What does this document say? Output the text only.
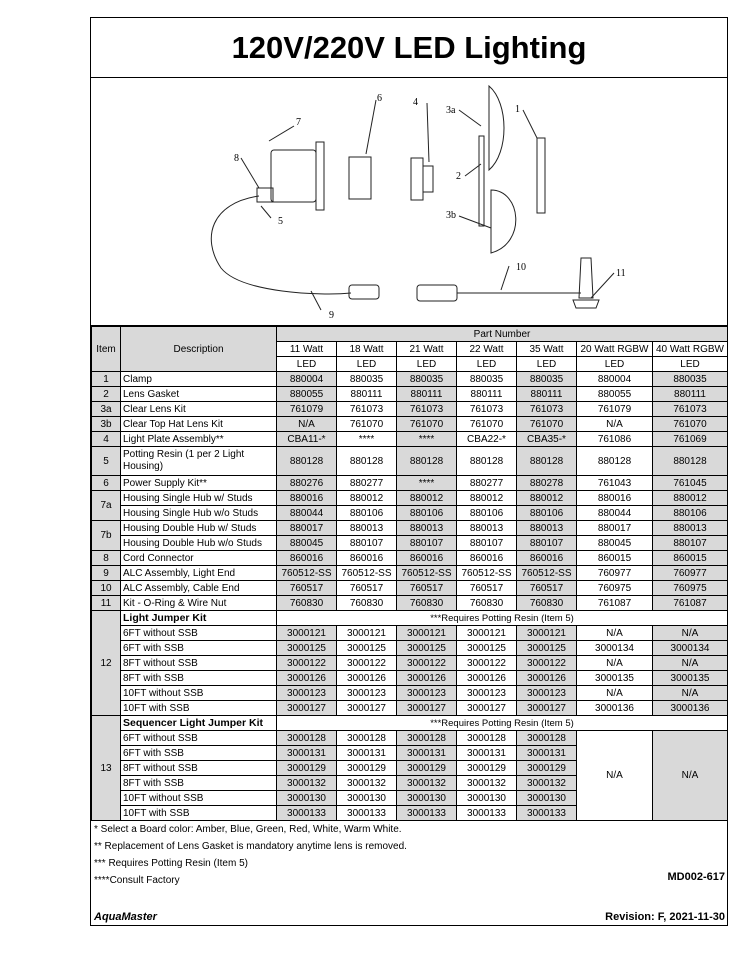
120V/220V LED Lighting
7
8
5
6	4
3a
2
3b
1
10
11
9
Item	Description	Part Number						
		11 Watt	18 Watt	21 Watt	22 Watt	35 Watt	20 Watt RGBW	40 Watt RGBW
		LED	LED	LED	LED	LED	LED	LED
1	Clamp	880004	880035	880035	880035	880035	880004	880035
2	Lens Gasket	880055	880111	880111	880111	880111	880055	880111
3a	Clear Lens Kit	761079	761073	761073	761073	761073	761079	761073
3b	Clear Top Hat Lens Kit	N/A	761070	761070	761070	761070	N/A	761070
4	Light Plate Assembly**	CBA11-*	****	****	CBA22-*	CBA35-*	761086	761069
5	Potting Resin (1 per 2 Light Housing)	880128	880128	880128	880128	880128	880128	880128
6	Power Supply Kit**	880276	880277	****	880277	880278	761043	761045
7a	Housing Single Hub w/ Studs	880016	880012	880012	880012	880012	880016	880012
	Housing Single Hub w/o Studs	880044	880106	880106	880106	880106	880044	880106
7b	Housing Double Hub w/ Studs	880017	880013	880013	880013	880013	880017	880013
	Housing Double Hub w/o Studs	880045	880107	880107	880107	880107	880045	880107
8	Cord Connector	860016	860016	860016	860016	860016	860015	860015
9	ALC Assembly, Light End	760512-SS	760512-SS	760512-SS	760512-SS	760512-SS	760977	760977
10	ALC Assembly, Cable End	760517	760517	760517	760517	760517	760975	760975
11	Kit - O-Ring & Wire Nut	760830	760830	760830	760830	760830	761087	761087
12	Light Jumper Kit	***Requires Potting Resin (Item 5)						
	6FT without SSB	3000121	3000121	3000121	3000121	3000121	N/A	N/A
	6FT with SSB	3000125	3000125	3000125	3000125	3000125	3000134	3000134
	8FT without SSB	3000122	3000122	3000122	3000122	3000122	N/A	N/A
	8FT with SSB	3000126	3000126	3000126	3000126	3000126	3000135	3000135
	10FT without SSB	3000123	3000123	3000123	3000123	3000123	N/A	N/A
	10FT with SSB	3000127	3000127	3000127	3000127	3000127	3000136	3000136
13	Sequencer Light Jumper Kit	***Requires Potting Resin (Item 5)						
	6FT without SSB	3000128	3000128	3000128	3000128	3000128	N/A	N/A
	6FT with SSB	3000131	3000131	3000131	3000131	3000131		
	8FT without SSB	3000129	3000129	3000129	3000129	3000129		
	8FT with SSB	3000132	3000132	3000132	3000132	3000132		
	10FT without SSB	3000130	3000130	3000130	3000130	3000130		
	10FT with SSB	3000133	3000133	3000133	3000133	3000133		
* Select a Board color: Amber, Blue, Green, Red, White, Warm White.
** Replacement of Lens Gasket is mandatory anytime lens is removed.
*** Requires Potting Resin (Item 5)
****Consult Factory	MD002-617
AquaMaster	Revision: F, 2021-11-30
